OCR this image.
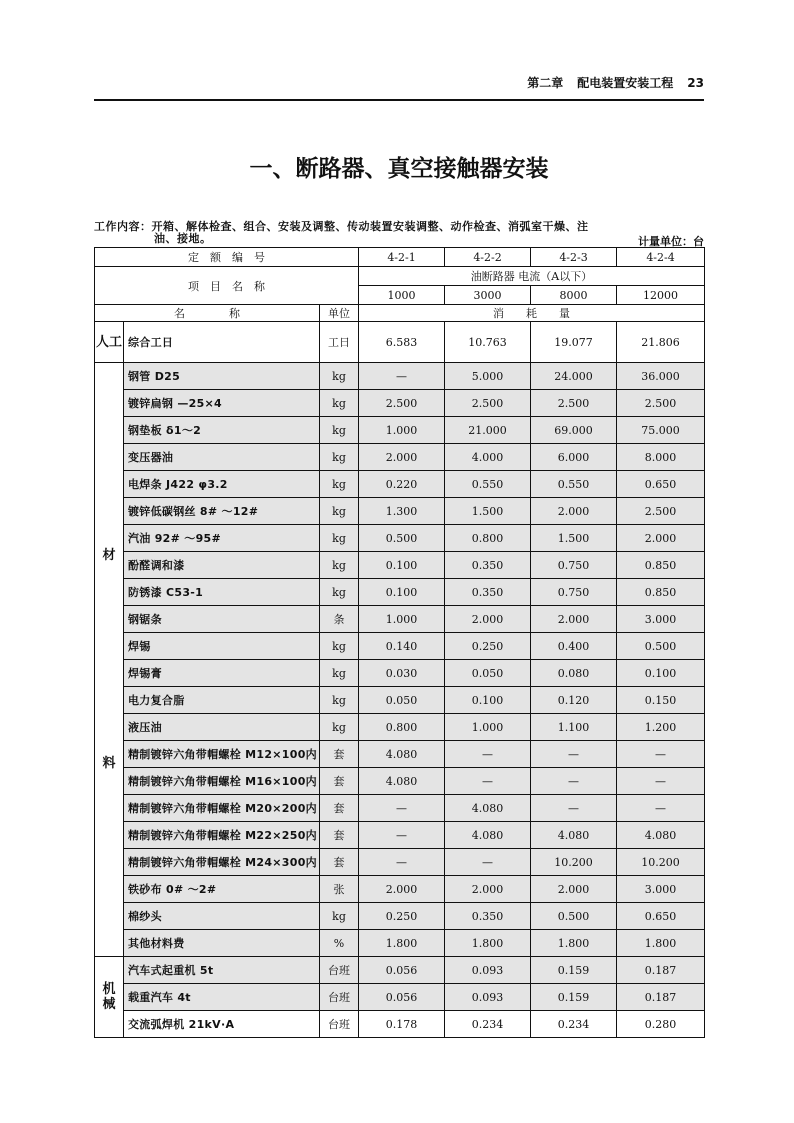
第二章 配电装置安装工程 23
一、断路器、真空接触器安装
工作内容：开箱、解体检查、组合、安装及调整、传动装置安装调整、动作检查、消弧室干燥、注
油、接地。	计量单位：台
定　额　编　号			4-2-1	4-2-2	4-2-3	4-2-4
项　目　名　称			油断路器 电流（A以下）			
			1000	3000	8000	12000
名　　　　称		单位	消　　耗　　量			
人工	综合工日	工日	6.583	10.763	19.077	21.806

材
料	钢管 D25	kg	—	5.000	24.000	36.000
	镀锌扁钢 —25×4	kg	2.500	2.500	2.500	2.500
	钢垫板 δ1～2	kg	1.000	21.000	69.000	75.000
	变压器油	kg	2.000	4.000	6.000	8.000
	电焊条 J422 φ3.2	kg	0.220	0.550	0.550	0.650
	镀锌低碳钢丝 8# ～12#	kg	1.300	1.500	2.000	2.500
	汽油 92# ～95#	kg	0.500	0.800	1.500	2.000
	酚醛调和漆	kg	0.100	0.350	0.750	0.850
	防锈漆 C53-1	kg	0.100	0.350	0.750	0.850
	钢锯条	条	1.000	2.000	2.000	3.000
	焊锡	kg	0.140	0.250	0.400	0.500
	焊锡膏	kg	0.030	0.050	0.080	0.100
	电力复合脂	kg	0.050	0.100	0.120	0.150
	液压油	kg	0.800	1.000	1.100	1.200
	精制镀锌六角带帽螺栓 M12×100内	套	4.080	—	—	—
	精制镀锌六角带帽螺栓 M16×100内	套	4.080	—	—	—
	精制镀锌六角带帽螺栓 M20×200内	套	—	4.080	—	—
	精制镀锌六角带帽螺栓 M22×250内	套	—	4.080	4.080	4.080
	精制镀锌六角带帽螺栓 M24×300内	套	—	—	10.200	10.200
	铁砂布 0# ～2#	张	2.000	2.000	2.000	3.000
	棉纱头	kg	0.250	0.350	0.500	0.650
	其他材料费	%	1.800	1.800	1.800	1.800

机械	汽车式起重机 5t	台班	0.056	0.093	0.159	0.187
	载重汽车 4t	台班	0.056	0.093	0.159	0.187
	交流弧焊机 21kV·A	台班	0.178	0.234	0.234	0.280
